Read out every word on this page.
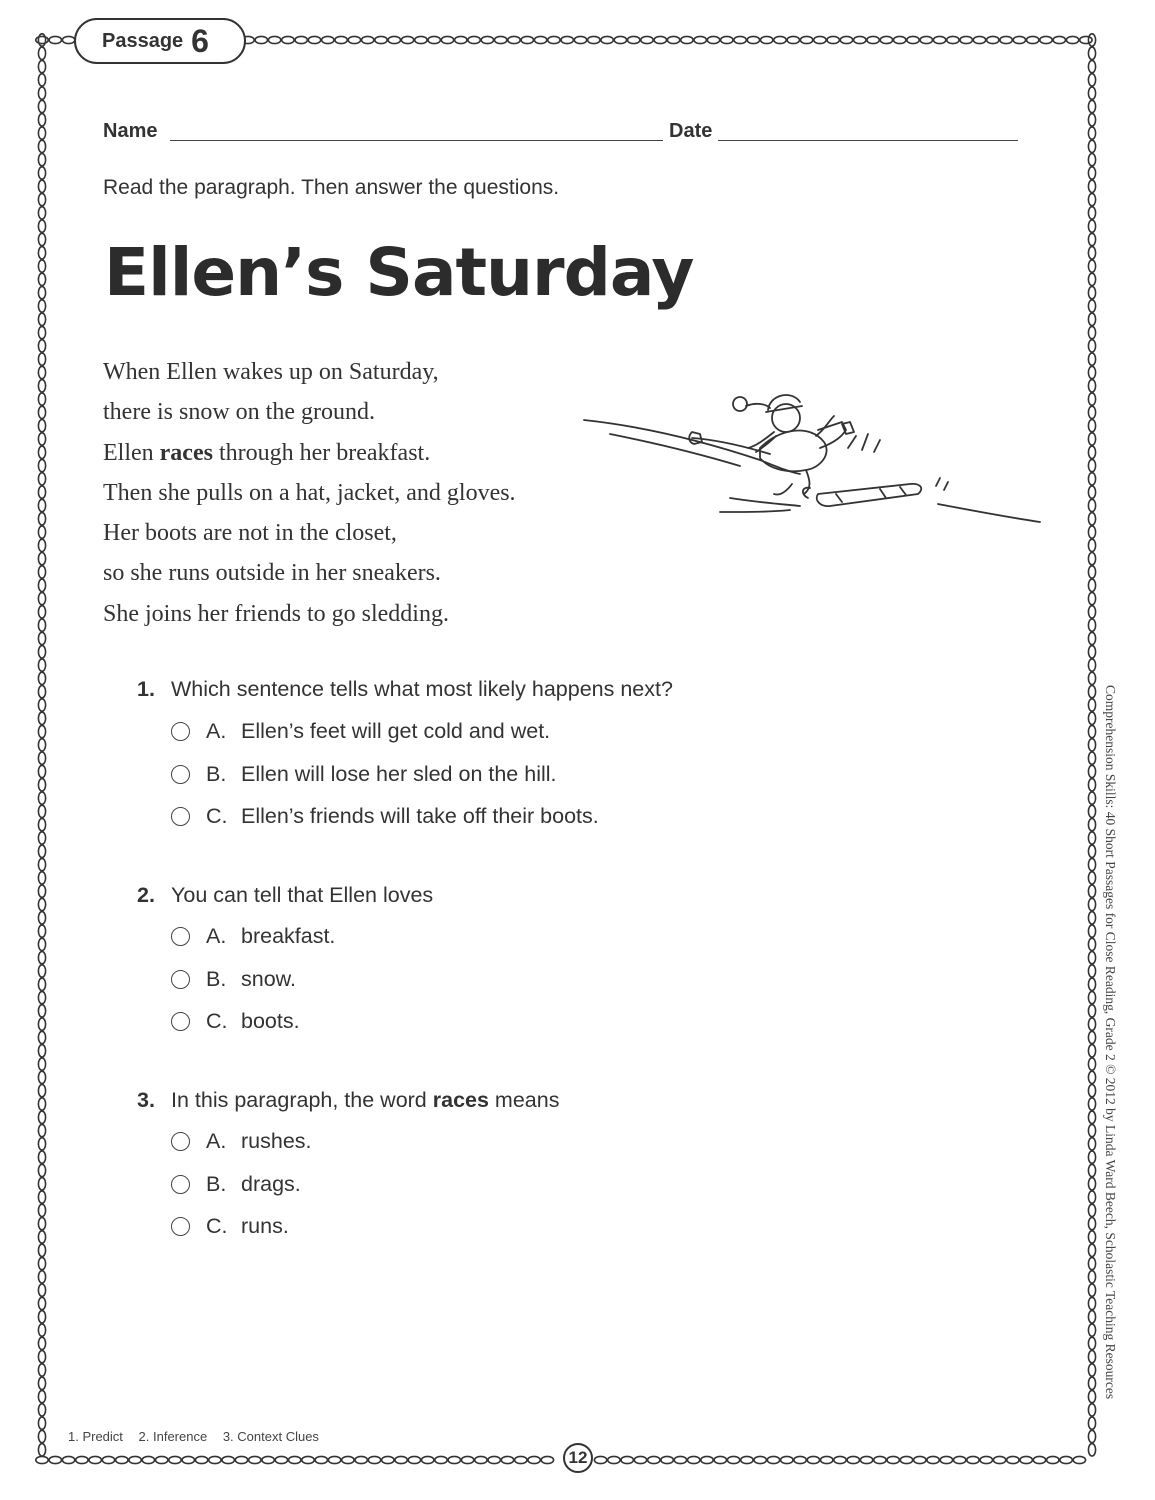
Passage 6
Name	Date
Read the paragraph. Then answer the questions.
Ellen’s Saturday
When Ellen wakes up on Saturday,
there is snow on the ground.
Ellen races through her breakfast.
Then she pulls on a hat, jacket, and gloves.
Her boots are not in the closet,
so she runs outside in her sneakers.
She joins her friends to go sledding.
1. Which sentence tells what most likely happens next?
A. Ellen’s feet will get cold and wet.
B. Ellen will lose her sled on the hill.
C. Ellen’s friends will take off their boots.
2. You can tell that Ellen loves
A. breakfast.
B. snow.
C. boots.
3. In this paragraph, the word races means
A. rushes.
B. drags.
C. runs.	Comprehension Skills: 40 Short Passages for Close Reading, Grade 2 © 2012 by Linda Ward Beech, Scholastic Teaching Resources
1. Predict 2. Inference 3. Context Clues
12
